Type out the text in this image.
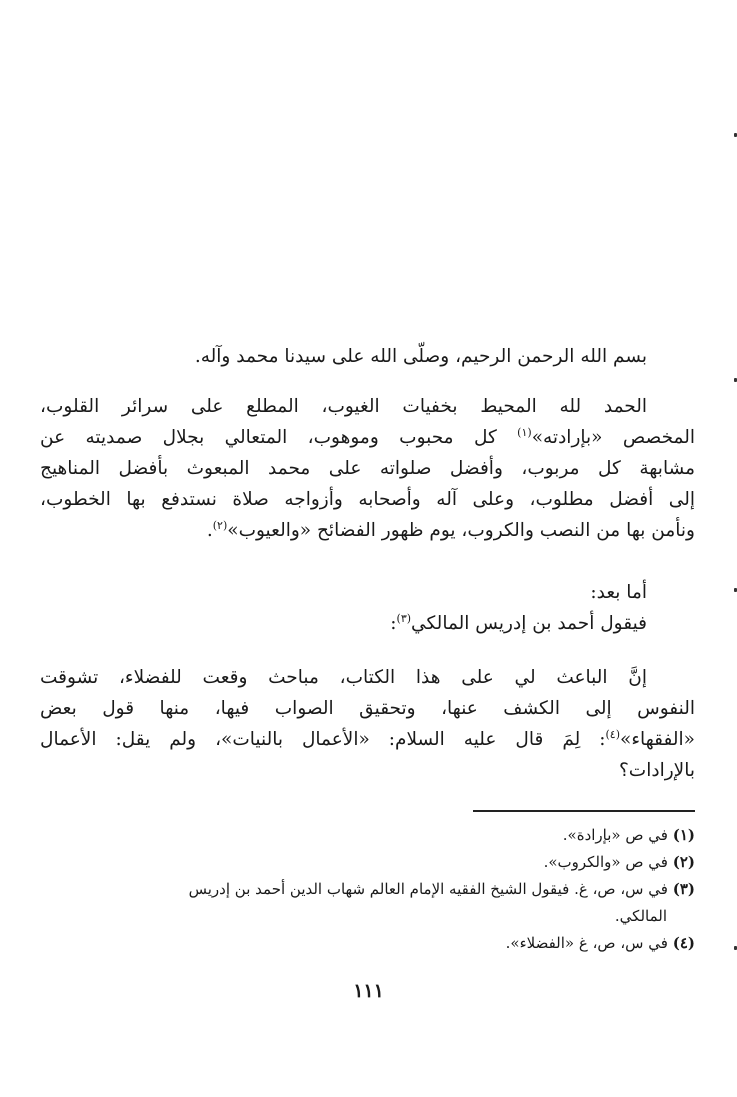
بسم الله الرحمن الرحيم، وصلّى الله على سيدنا محمد وآله.
الحمد لله المحيط بخفيات الغيوب، المطلع على سرائر القلوب،
المخصص «بإرادته»$^{(١)}$ كل محبوب وموهوب، المتعالي بجلال صمديته عن
مشابهة كل مربوب، وأفضل صلواته على محمد المبعوث بأفضل المناهيج
إلى أفضل مطلوب، وعلى آله وأصحابه وأزواجه صلاة نستدفع بها الخطوب،
ونأمن بها من النصب والكروب، يوم ظهور الفضائح «والعيوب»$^{(٢)}$.
أما بعد:
فيقول أحمد بن إدريس المالكي$^{(٣)}$:
إنَّ الباعث لي على هذا الكتاب، مباحث وقعت للفضلاء، تشوقت
النفوس إلى الكشف عنها، وتحقيق الصواب فيها، منها قول بعض
«الفقهاء»$^{(٤)}$: لِمَ قال عليه السلام: «الأعمال بالنيات»، ولم يقل: الأعمال
بالإرادات؟
(١) في ص «بإرادة».
(٢) في ص «والكروب».
(٣) في س، ص، غ. فيقول الشيخ الفقيه الإمام العالم شهاب الدين أحمد بن إدريس
المالكي.
(٤) في س، ص، غ «الفضلاء».
١١١
